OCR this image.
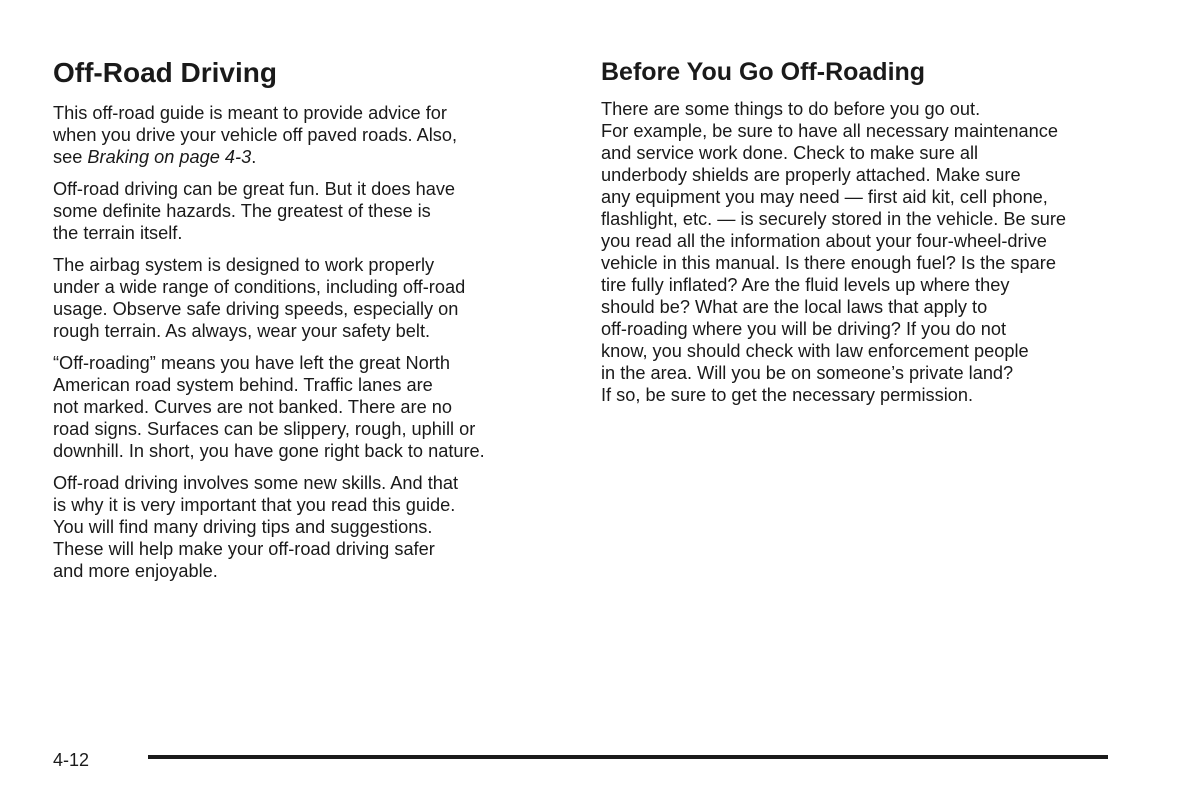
Off-Road Driving

This off-road guide is meant to provide advice for
when you drive your vehicle off paved roads. Also,
see Braking on page 4-3.

Off-road driving can be great fun. But it does have
some definite hazards. The greatest of these is
the terrain itself.

The airbag system is designed to work properly
under a wide range of conditions, including off-road
usage. Observe safe driving speeds, especially on
rough terrain. As always, wear your safety belt.

“Off-roading” means you have left the great North
American road system behind. Traffic lanes are
not marked. Curves are not banked. There are no
road signs. Surfaces can be slippery, rough, uphill or
downhill. In short, you have gone right back to nature.

Off-road driving involves some new skills. And that
is why it is very important that you read this guide.
You will find many driving tips and suggestions.
These will help make your off-road driving safer
and more enjoyable.

Before You Go Off-Roading

There are some things to do before you go out.
For example, be sure to have all necessary maintenance
and service work done. Check to make sure all
underbody shields are properly attached. Make sure
any equipment you may need — first aid kit, cell phone,
flashlight, etc. — is securely stored in the vehicle. Be sure
you read all the information about your four-wheel-drive
vehicle in this manual. Is there enough fuel? Is the spare
tire fully inflated? Are the fluid levels up where they
should be? What are the local laws that apply to
off-roading where you will be driving? If you do not
know, you should check with law enforcement people
in the area. Will you be on someone’s private land?
If so, be sure to get the necessary permission.

4-12
